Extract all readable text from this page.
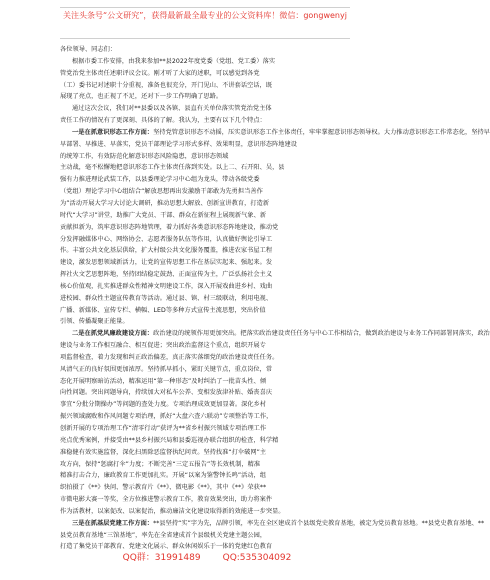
关注头条号“公文研究”，获得最新最全最专业的公文资料库！微信：gongwenyj
各位领导、同志们：
根据市委工作安排，由我来参加**县2022年度党委（党组、党工委）落实
管党治党主体责任述职评议会议。刚才听了大家的述职，可以感觉到各党
（工）委书记对述职十分重视，准备也很充分，开门见山、不讲套话空话，既
展现了亮点，也正视了不足，还对下一步工作明确了思路。
通过这次会议，我们对**县委以及各镇、县直有关单位落实管党治党主体
责任工作的情况有了更深刻、具体的了解。我认为，主要有以下几个特点：
一是在抓意识形态工作方面：坚持党管意识形态不动摇，压实意识形态工作主体责任，牢牢掌握意识形态领导权。大力推动意识形态工作常态化，坚持早
早部署、早推进、早落实，党员干部理论学习形式多样、效果明显，意识形态阵地建设
的统筹工作，有效防范化解意识形态风险隐患，意识形态领域
主动战，毫不松懈地把意识形态工作主体责任落到实处。以上二、石开阳、吴，县
强有力推进理论武装工作，以县委理论学习中心组为龙头，带动各级党委
（党组）理论学习中心组结合“解放思想再出发激励干部敢为先勇担当善作
为”活动开展大学习大讨论大调研，推动思想大解放、创新宣讲教育，打造新
时代“大学习”讲堂，助推广大党员、干部、群众在新征程上展现新气象、新
贡献担新为，筑牢意识形态阵地管理，着力抓好各类意识形态阵地建设，推动党
分发挥融媒体中心、网络协会、志愿者服务队伍等作用，认真做好舆论引导工
作。丰富公共文化基层供给，扩大村级公共文化服务覆盖，推进农家书屋工程
建设，激发思想领域新活力，让党的宣传思想工作在基层实起来、强起来。发
挥社火文艺思想阵地，坚持团结稳定鼓劲、正面宣传为主，广泛弘扬社会主义
核心价值观，扎实推进群众性精神文明建设工作，深入开展戏曲进乡村、戏曲
进校园、群众性主题宣传教育等活动。通过县、镇、村三级联动，利用电视、
广播、新媒体、宣传专栏、横幅、LED等多种方式宣传主流思想，突出价值
引领、传播凝聚正能量。
二是在抓党风廉政建设方面：政治建设的统领作用更加突出。把落实政治建设责任任务与中心工作相结合，做到政治建设与业务工作同部署同落实，政治
建设与业务工作相互融合、相互促进；突出政治监督这个重点，组织开展专
项监督检查，着力发现和纠正政治偏差，真正落实落细党的政治建设责任任务。
风清气正的良好氛围更加浓厚。坚持抓早抓小，紧盯关键节点，重点岗位，常
态化开展明察暗访活动，精准运用“第一种形态”及时纠治了一批苗头性、倾
向性问题。突出问题导向，持续加大对私车公养、变相发放津补贴、婚丧喜庆
事宜“分批分期操办”等问题的查处力度。专项治理成效更加显著。深化乡村
振兴领域腐败和作风问题专项治理，抓好“大盘六查六联动”专项整治等工作，
创新开展的专项治理工作“清零行动”获评为**省乡村振兴领域专项治理工作
亮点优秀案例，并接受由**县乡村振兴局和县委巡视办联合组织的检查，科学精
准稳健有效实施监督，深化扫黑除恶监督执纪问责。坚持找准“打伞破网”主
攻方向，保持“惩腐打伞”力度；不断完善“三定五报告”等长效机制，精准
精准打击合力，廉政教育工作更加扎实。开展“以案为鉴警钟长鸣”活动，组
织拍摄了《**》快问、警示教育片《**》、微电影《**》，其中《**》荣获**
市微电影大赛一等奖，全方位推进警示教育工作，教育效果突出，助力将案件
作为活教材，以案促改、以案促治，推动廉洁文化建设取得新的效能进一步突显。
三是在抓基层党建工作方面：**县坚持“实”字为先，品牌引领，率先在全区建成首个县级党史教育基地，被定为党员教育基地。**县党史教育基地、**
县党员教育基地“三馆基地”，率先在全省建成首个县级机关党建主题公园，
打造了集党员干部教育、党建文化展示、群众休闲娱乐于一体的党建红色教育
QQ群：31991489 QQ:535304092
